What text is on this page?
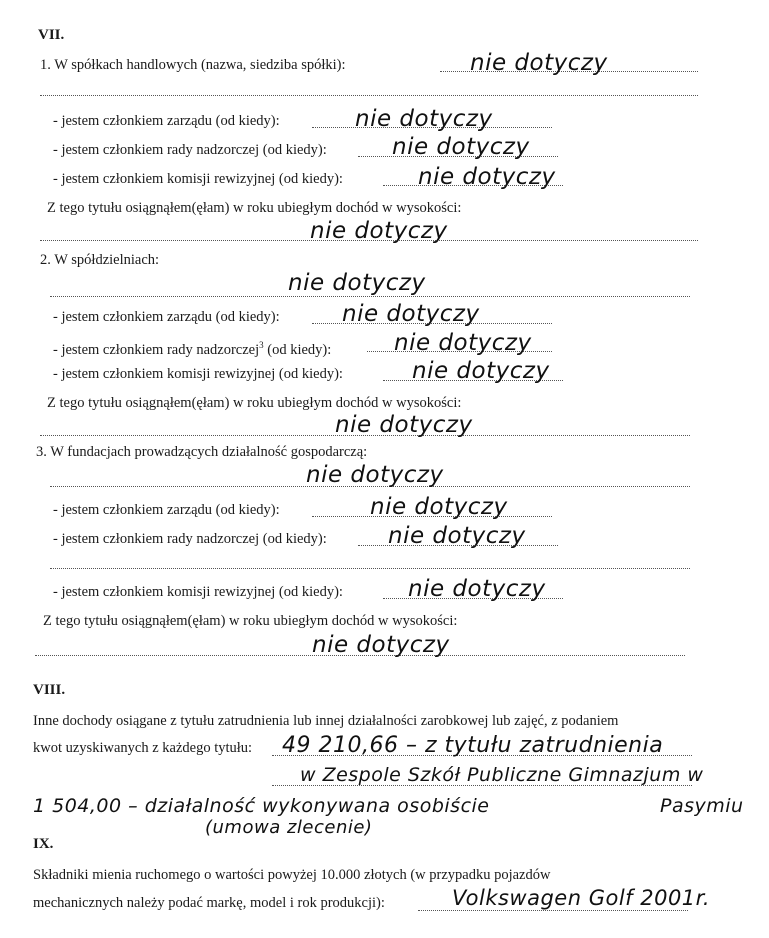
VII.
1. W spółkach handlowych (nazwa, siedziba spółki):	nie dotyczy
- jestem członkiem zarządu (od kiedy):	nie dotyczy
- jestem członkiem rady nadzorczej (od kiedy):	nie dotyczy
- jestem członkiem komisji rewizyjnej (od kiedy):	nie dotyczy
Z tego tytułu osiągnąłem(ęłam) w roku ubiegłym dochód w wysokości:
nie dotyczy
2. W spółdzielniach:
nie dotyczy
- jestem członkiem zarządu (od kiedy):	nie dotyczy
- jestem członkiem rady nadzorczej$^3$ (od kiedy):	nie dotyczy
- jestem członkiem komisji rewizyjnej (od kiedy):	nie dotyczy
Z tego tytułu osiągnąłem(ęłam) w roku ubiegłym dochód w wysokości:
nie dotyczy
3. W fundacjach prowadzących działalność gospodarczą:
nie dotyczy
- jestem członkiem zarządu (od kiedy):	nie dotyczy
- jestem członkiem rady nadzorczej (od kiedy):	nie dotyczy
- jestem członkiem komisji rewizyjnej (od kiedy):	nie dotyczy
Z tego tytułu osiągnąłem(ęłam) w roku ubiegłym dochód w wysokości:
nie dotyczy
VIII.
Inne dochody osiągane z tytułu zatrudnienia lub innej działalności zarobkowej lub zajęć, z podaniem
kwot uzyskiwanych z każdego tytułu: 49 210,66 – z tytułu zatrudnienia
w Zespole Szkół Publiczne Gimnazjum w
1 504,00 – działalność wykonywana osobiście	Pasymiu
(umowa zlecenie)
IX.
Składniki mienia ruchomego o wartości powyżej 10.000 złotych (w przypadku pojazdów
mechanicznych należy podać markę, model i rok produkcji):	Volkswagen Golf 2001r.
